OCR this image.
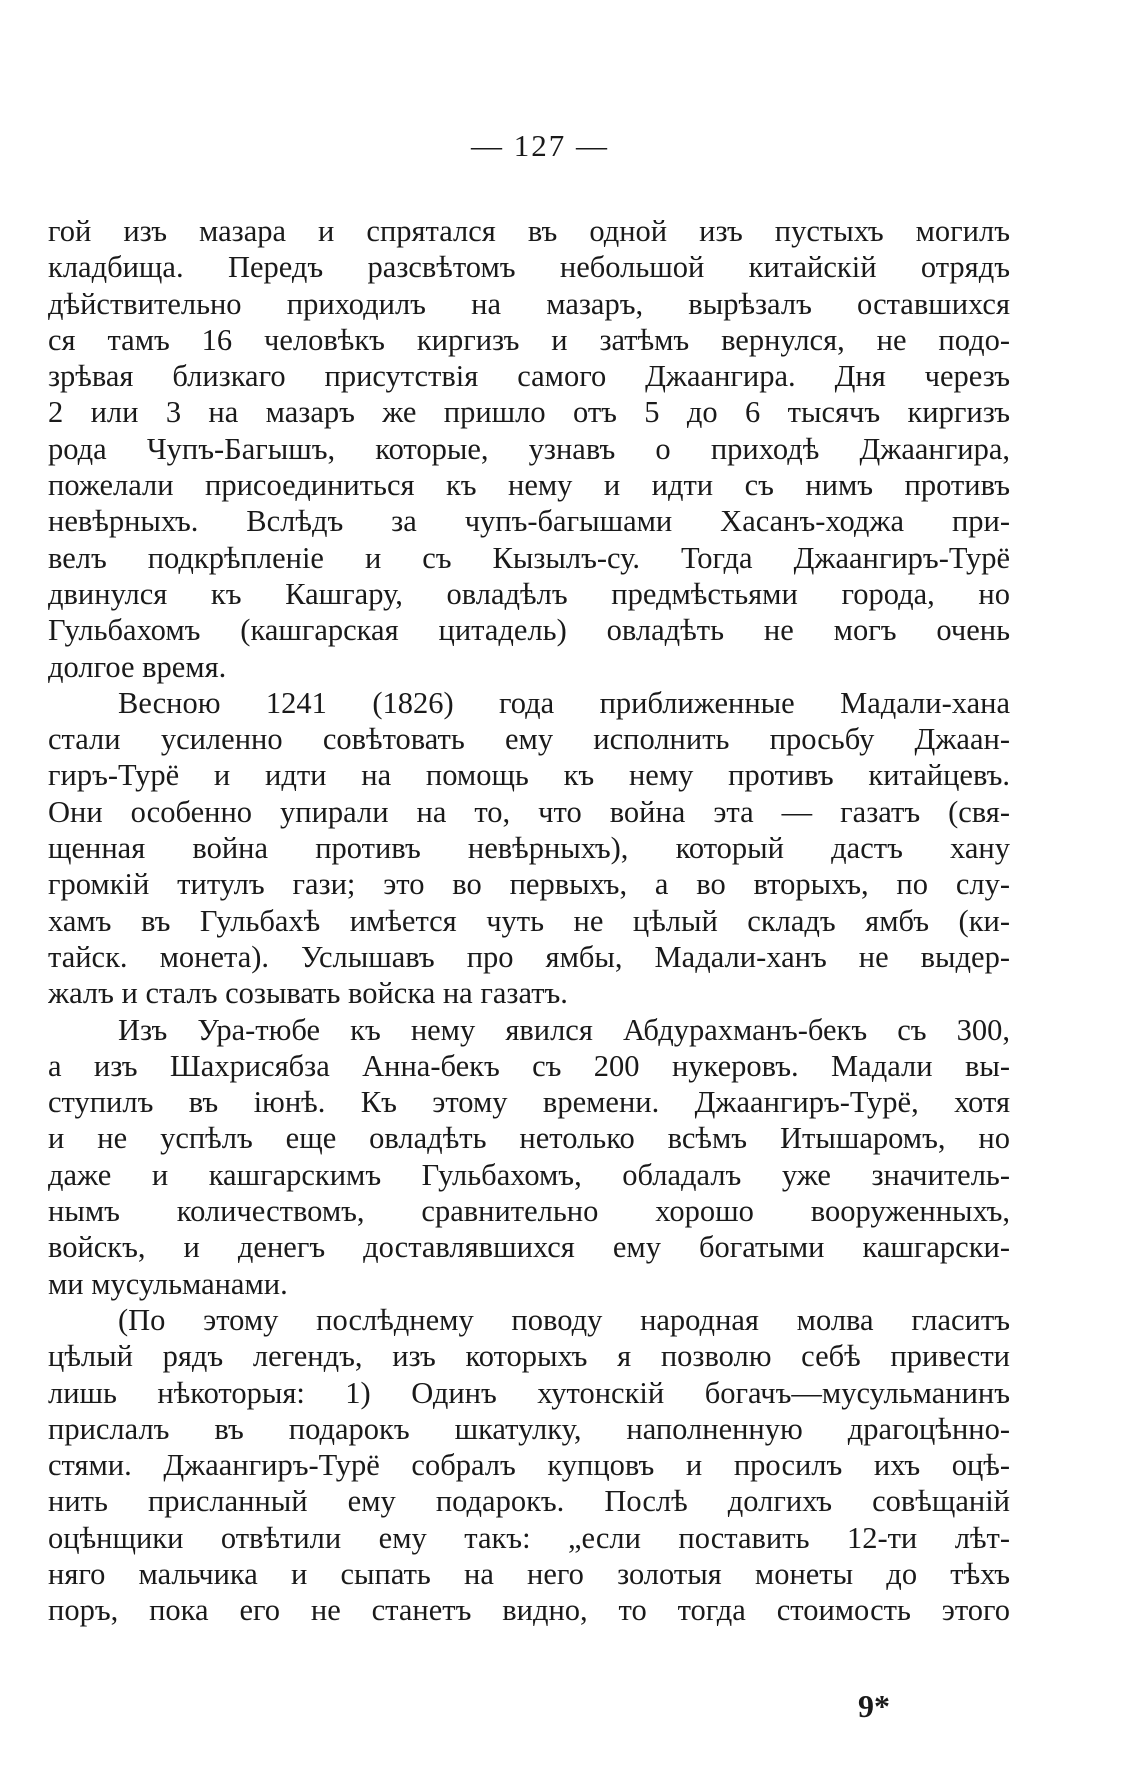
— 127 —
гой изъ мазара и спрятался въ одной изъ пустыхъ могилъ
кладбища. Передъ разсвѣтомъ небольшой китайскій отрядъ
дѣйствительно приходилъ на мазаръ, вырѣзалъ оставшихся
ся тамъ 16 человѣкъ киргизъ и затѣмъ вернулся, не подо-
зрѣвая близкаго присутствія самого Джаангира. Дня черезъ
2 или 3 на мазаръ же пришло отъ 5 до 6 тысячъ киргизъ
рода Чупъ-Багышъ, которые, узнавъ о приходѣ Джаангира,
пожелали присоединиться къ нему и идти съ нимъ противъ
невѣрныхъ. Вслѣдъ за чупъ-багышами Хасанъ-ходжа при-
велъ подкрѣпленіе и съ Кызылъ-су. Тогда Джаангиръ-Турё
двинулся къ Кашгару, овладѣлъ предмѣстьями города, но
Гульбахомъ (кашгарская цитадель) овладѣть не могъ очень
долгое время.
Весною 1241 (1826) года приближенные Мадали-хана
стали усиленно совѣтовать ему исполнить просьбу Джаан-
гиръ-Турё и идти на помощь къ нему противъ китайцевъ.
Они особенно упирали на то, что война эта — газатъ (свя-
щенная война противъ невѣрныхъ), который дастъ хану
громкій титулъ гази; это во первыхъ, а во вторыхъ, по слу-
хамъ въ Гульбахѣ имѣется чуть не цѣлый складъ ямбъ (ки-
тайск. монета). Услышавъ про ямбы, Мадали-ханъ не выдер-
жалъ и сталъ созывать войска на газатъ.
Изъ Ура-тюбе къ нему явился Абдурахманъ-бекъ съ 300,
а изъ Шахрисябза Анна-бекъ съ 200 нукеровъ. Мадали вы-
ступилъ въ іюнѣ. Къ этому времени. Джаангиръ-Турё, хотя
и не успѣлъ еще овладѣть нетолько всѣмъ Итышаромъ, но
даже и кашгарскимъ Гульбахомъ, обладалъ уже значитель-
нымъ количествомъ, сравнительно хорошо вооруженныхъ,
войскъ, и денегъ доставлявшихся ему богатыми кашгарски-
ми мусульманами.
(По этому послѣднему поводу народная молва гласитъ
цѣлый рядъ легендъ, изъ которыхъ я позволю себѣ привести
лишь нѣкоторыя: 1) Одинъ хутонскій богачъ—мусульманинъ
прислалъ въ подарокъ шкатулку, наполненную драгоцѣнно-
стями. Джаангиръ-Турё собралъ купцовъ и просилъ ихъ оцѣ-
нить присланный ему подарокъ. Послѣ долгихъ совѣщаній
оцѣнщики отвѣтили ему такъ: „если поставить 12-ти лѣт-
няго мальчика и сыпать на него золотыя монеты до тѣхъ
поръ, пока его не станетъ видно, то тогда стоимость этого
9*
